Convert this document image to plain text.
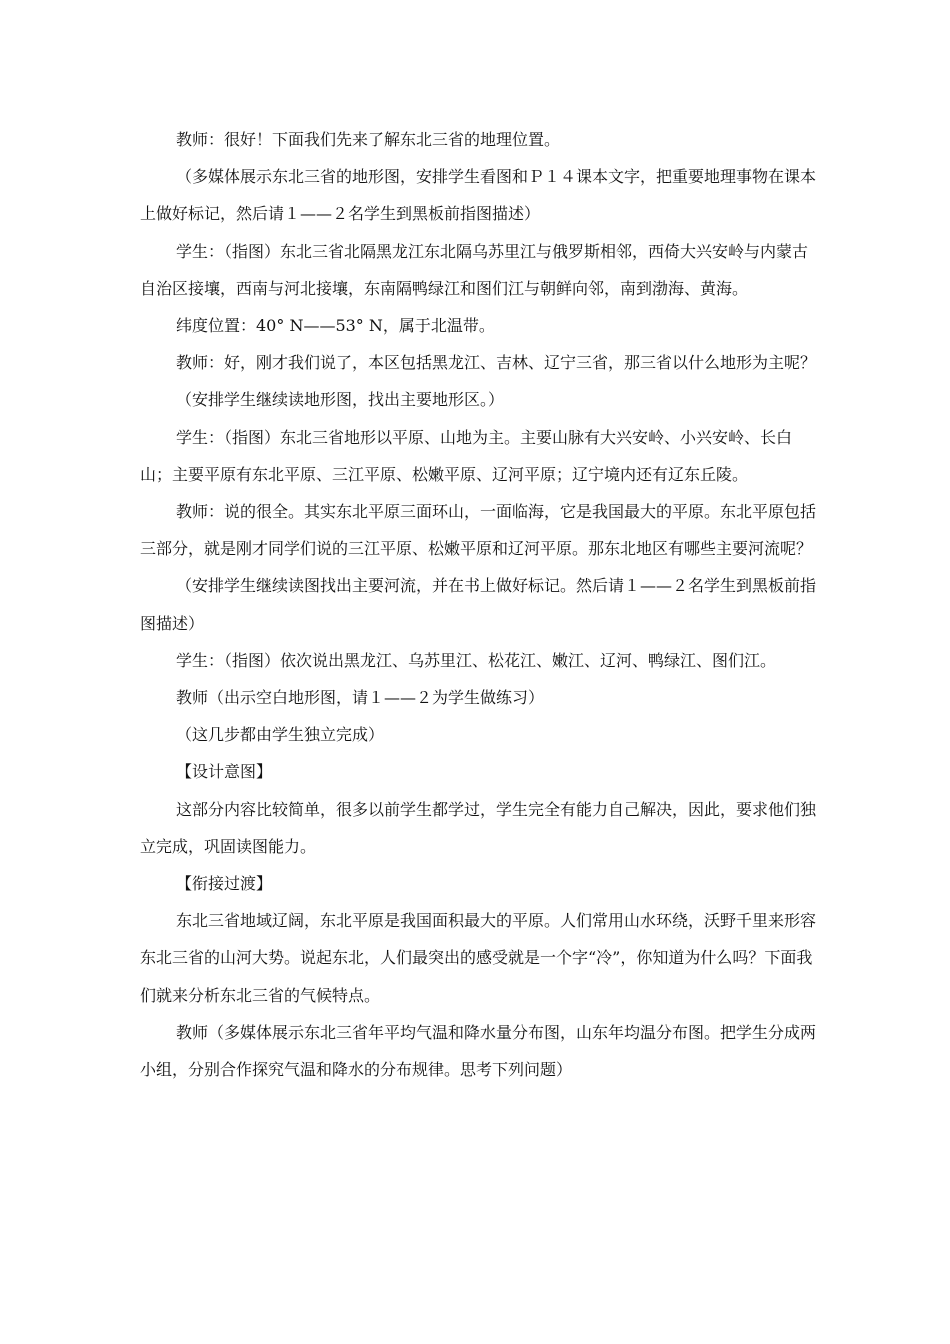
教师：很好！下面我们先来了解东北三省的地理位置。

（多媒体展示东北三省的地形图，安排学生看图和Ｐ１４课本文字，把重要地理事物在课本上做好标记，然后请１——２名学生到黑板前指图描述）

学生：（指图）东北三省北隔黑龙江东北隔乌苏里江与俄罗斯相邻，西倚大兴安岭与内蒙古自治区接壤，西南与河北接壤，东南隔鸭绿江和图们江与朝鲜向邻，南到渤海、黄海。

纬度位置：40° N——53° N，属于北温带。

教师：好，刚才我们说了，本区包括黑龙江、吉林、辽宁三省，那三省以什么地形为主呢？

（安排学生继续读地形图，找出主要地形区。）

学生：（指图）东北三省地形以平原、山地为主。主要山脉有大兴安岭、小兴安岭、长白山；主要平原有东北平原、三江平原、松嫩平原、辽河平原；辽宁境内还有辽东丘陵。

教师：说的很全。其实东北平原三面环山，一面临海，它是我国最大的平原。东北平原包括三部分，就是刚才同学们说的三江平原、松嫩平原和辽河平原。那东北地区有哪些主要河流呢？

（安排学生继续读图找出主要河流，并在书上做好标记。然后请１——２名学生到黑板前指图描述）

学生：（指图）依次说出黑龙江、乌苏里江、松花江、嫩江、辽河、鸭绿江、图们江。

教师（出示空白地形图，请１——２为学生做练习）

（这几步都由学生独立完成）

【设计意图】

这部分内容比较简单，很多以前学生都学过，学生完全有能力自己解决，因此，要求他们独立完成，巩固读图能力。

【衔接过渡】

东北三省地域辽阔，东北平原是我国面积最大的平原。人们常用山水环绕，沃野千里来形容东北三省的山河大势。说起东北，人们最突出的感受就是一个字“冷”，你知道为什么吗？下面我们就来分析东北三省的气候特点。

教师（多媒体展示东北三省年平均气温和降水量分布图，山东年均温分布图。把学生分成两小组，分别合作探究气温和降水的分布规律。思考下列问题）
